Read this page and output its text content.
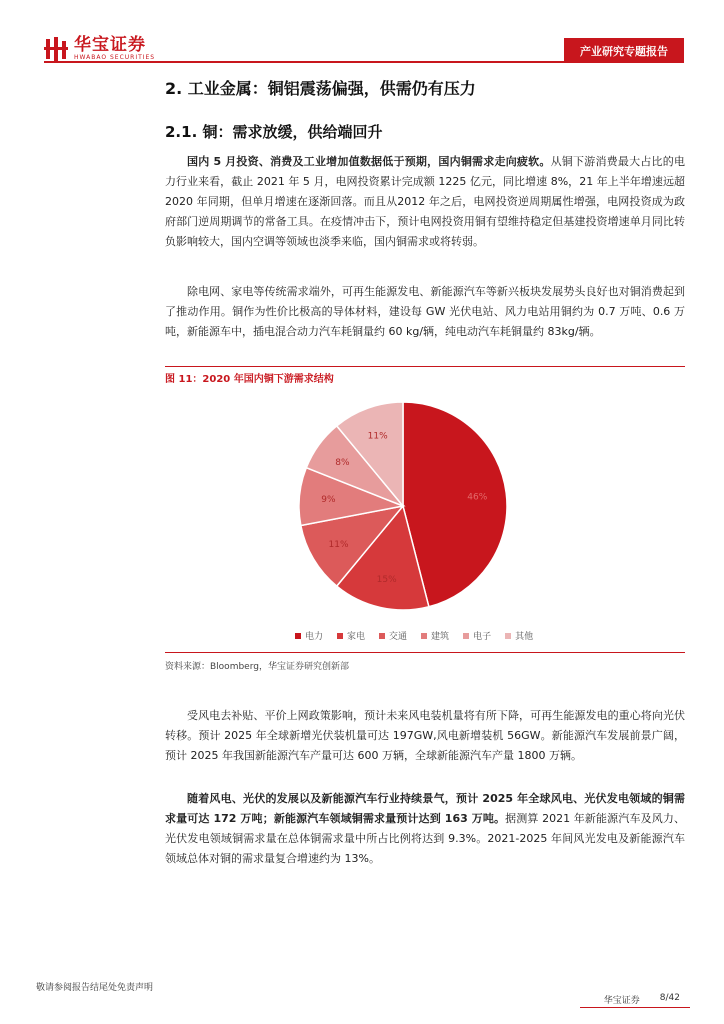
华宝证券
HWABAO SECURITIES	产业研究专题报告
2. 工业金属：铜铝震荡偏强，供需仍有压力
2.1. 铜：需求放缓，供给端回升
国内 5 月投资、消费及工业增加值数据低于预期，国内铜需求走向疲软。从铜下游消费最大占比的电力行业来看，截止 2021 年 5 月，电网投资累计完成额 1225 亿元，同比增速 8%，21 年上半年增速远超2020 年同期，但单月增速在逐渐回落。而且从2012 年之后，电网投资逆周期属性增强，电网投资成为政府部门逆周期调节的常备工具。在疫情冲击下，预计电网投资用铜有望维持稳定但基建投资增速单月同比转负影响较大，国内空调等领域也淡季来临，国内铜需求或将转弱。
除电网、家电等传统需求端外，可再生能源发电、新能源汽车等新兴板块发展势头良好也对铜消费起到了推动作用。铜作为性价比极高的导体材料，建设每 GW 光伏电站、风力电站用铜约为 0.7 万吨、0.6 万吨，新能源车中，插电混合动力汽车耗铜量约 60 kg/辆，纯电动汽车耗铜量约 83kg/辆。
图 11：2020 年国内铜下游需求结构
46%
15%
11%
9%
8%
11%
电力	家电	交通	建筑	电子	其他
资料来源：Bloomberg，华宝证券研究创新部
受风电去补贴、平价上网政策影响，预计未来风电装机量将有所下降，可再生能源发电的重心将向光伏转移。预计 2025 年全球新增光伏装机量可达 197GW,风电新增装机 56GW。新能源汽车发展前景广阔，预计 2025 年我国新能源汽车产量可达 600 万辆，全球新能源汽车产量 1800 万辆。
随着风电、光伏的发展以及新能源汽车行业持续景气，预计 2025 年全球风电、光伏发电领域的铜需求量可达 172 万吨；新能源汽车领域铜需求量预计达到 163 万吨。据测算 2021 年新能源汽车及风力、光伏发电领域铜需求量在总体铜需求量中所占比例将达到 9.3%。2021-2025 年间风光发电及新能源汽车领域总体对铜的需求量复合增速约为 13%。
敬请参阅报告结尾处免责声明
华宝证券 8/42
